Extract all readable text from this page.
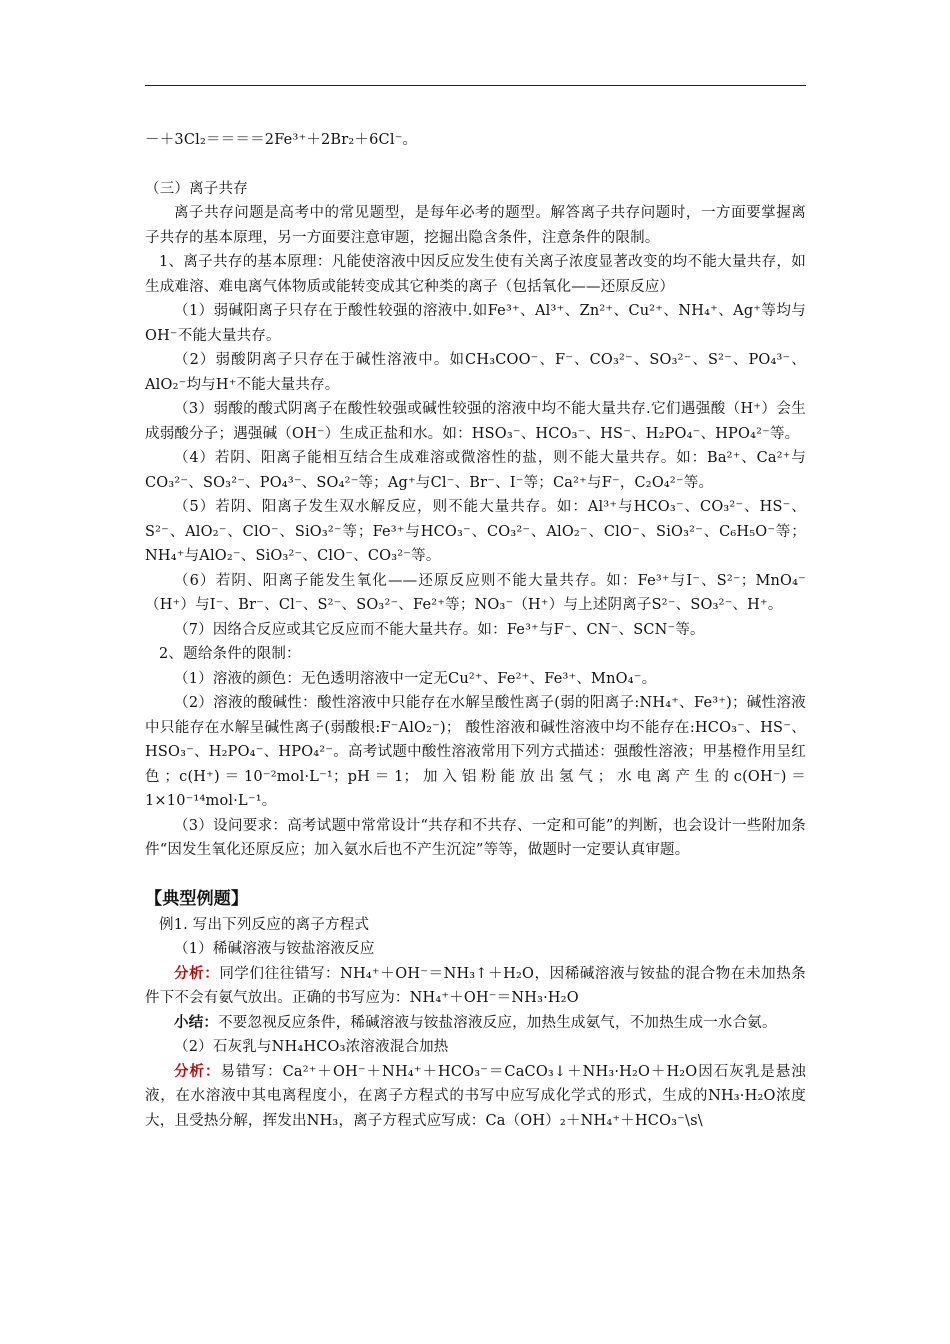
－＋3Cl₂＝＝＝＝2Fe³⁺＋2Br₂＋6Cl⁻。

（三）离子共存

离子共存问题是高考中的常见题型，是每年必考的题型。解答离子共存问题时，一方面要掌握离子共存的基本原理，另一方面要注意审题，挖掘出隐含条件，注意条件的限制。

1、离子共存的基本原理：凡能使溶液中因反应发生使有关离子浓度显著改变的均不能大量共存，如生成难溶、难电离气体物质或能转变成其它种类的离子（包括氧化——还原反应）

（1）弱碱阳离子只存在于酸性较强的溶液中.如Fe³⁺、Al³⁺、Zn²⁺、Cu²⁺、NH₄⁺、Ag⁺等均与OH⁻不能大量共存。

（2）弱酸阴离子只存在于碱性溶液中。如CH₃COO⁻、F⁻、CO₃²⁻、SO₃²⁻、S²⁻、PO₄³⁻、AlO₂⁻均与H⁺不能大量共存。

（3）弱酸的酸式阴离子在酸性较强或碱性较强的溶液中均不能大量共存.它们遇强酸（H⁺）会生成弱酸分子；遇强碱（OH⁻）生成正盐和水。如：HSO₃⁻、HCO₃⁻、HS⁻、H₂PO₄⁻、HPO₄²⁻等。

（4）若阴、阳离子能相互结合生成难溶或微溶性的盐，则不能大量共存。如：Ba²⁺、Ca²⁺与CO₃²⁻、SO₃²⁻、PO₄³⁻、SO₄²⁻等；Ag⁺与Cl⁻、Br⁻、I⁻等；Ca²⁺与F⁻，C₂O₄²⁻等。

（5）若阴、阳离子发生双水解反应，则不能大量共存。如：Al³⁺与HCO₃⁻、CO₃²⁻、HS⁻、S²⁻、AlO₂⁻、ClO⁻、SiO₃²⁻等；Fe³⁺与HCO₃⁻、CO₃²⁻、AlO₂⁻、ClO⁻、SiO₃²⁻、C₆H₅O⁻等；NH₄⁺与AlO₂⁻、SiO₃²⁻、ClO⁻、CO₃²⁻等。

（6）若阴、阳离子能发生氧化——还原反应则不能大量共存。如：Fe³⁺与I⁻、S²⁻；MnO₄⁻（H⁺）与I⁻、Br⁻、Cl⁻、S²⁻、SO₃²⁻、Fe²⁺等；NO₃⁻（H⁺）与上述阴离子S²⁻、SO₃²⁻、H⁺。

（7）因络合反应或其它反应而不能大量共存。如：Fe³⁺与F⁻、CN⁻、SCN⁻等。

2、题给条件的限制：

（1）溶液的颜色：无色透明溶液中一定无Cu²⁺、Fe²⁺、Fe³⁺、MnO₄⁻。

（2）溶液的酸碱性：酸性溶液中只能存在水解呈酸性离子(弱的阳离子:NH₄⁺、Fe³⁺)；碱性溶液中只能存在水解呈碱性离子(弱酸根:F⁻AlO₂⁻)； 酸性溶液和碱性溶液中均不能存在:HCO₃⁻、HS⁻、HSO₃⁻、H₂PO₄⁻、HPO₄²⁻。高考试题中酸性溶液常用下列方式描述：强酸性溶液；甲基橙作用呈红色；c(H⁺)＝10⁻²mol·L⁻¹；pH＝1；加入铝粉能放出氢气；水电离产生的c(OH⁻)＝1×10⁻¹⁴mol·L⁻¹。

（3）设问要求：高考试题中常常设计“共存和不共存、一定和可能”的判断，也会设计一些附加条件“因发生氧化还原反应；加入氨水后也不产生沉淀”等等，做题时一定要认真审题。

【典型例题】

例1. 写出下列反应的离子方程式

（1）稀碱溶液与铵盐溶液反应

分析：同学们往往错写：NH₄⁺＋OH⁻＝NH₃↑＋H₂O，因稀碱溶液与铵盐的混合物在未加热条件下不会有氨气放出。正确的书写应为：NH₄⁺＋OH⁻＝NH₃·H₂O

小结：不要忽视反应条件，稀碱溶液与铵盐溶液反应，加热生成氨气，不加热生成一水合氨。

（2）石灰乳与NH₄HCO₃浓溶液混合加热

分析：易错写：Ca²⁺＋OH⁻＋NH₄⁺＋HCO₃⁻＝CaCO₃↓＋NH₃·H₂O＋H₂O因石灰乳是悬浊液，在水溶液中其电离程度小，在离子方程式的书写中应写成化学式的形式，生成的NH₃·H₂O浓度大，且受热分解，挥发出NH₃，离子方程式应写成：Ca（OH）₂＋NH₄⁺＋HCO₃⁻\s\
